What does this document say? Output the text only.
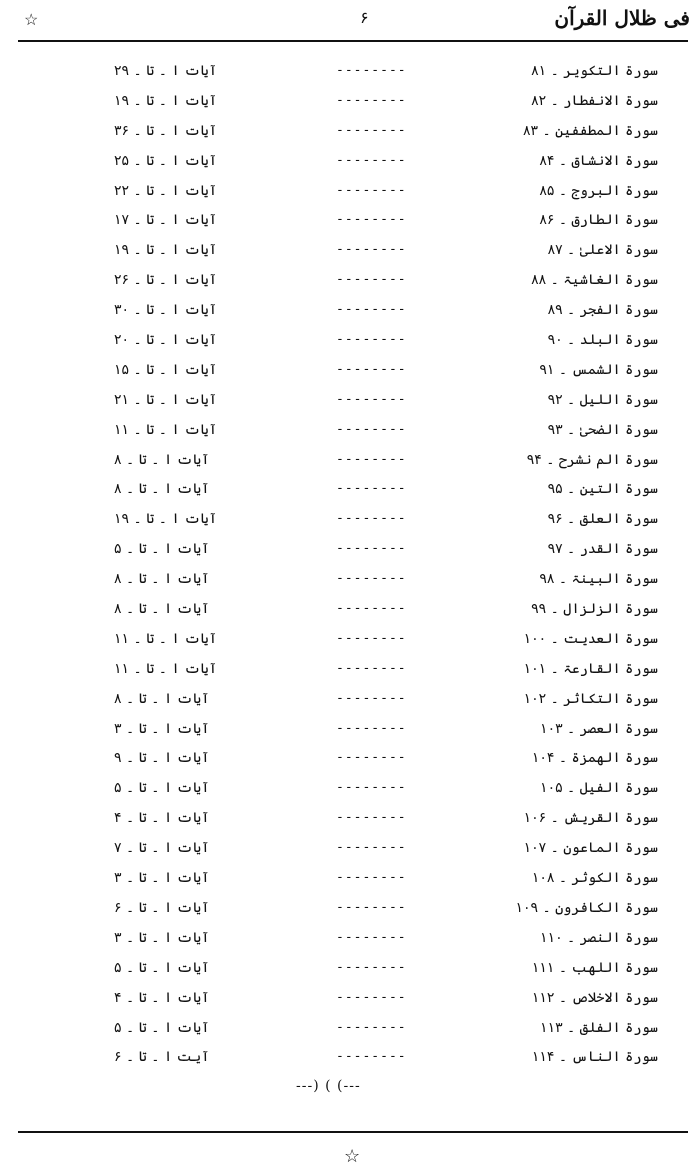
فی ظلال القرآن
۶
☆
سورۃ التکویر ۔ ۸۱
--------
آیات ا ۔ تا ۔ ۲۹
سورۃ الانفطار ۔ ۸۲
--------
آیات ا ۔ تا ۔ ۱۹
سورۃ المطففین ۔ ۸۳
--------
آیات ا ۔ تا ۔ ۳۶
سورۃ الانشاق ۔ ۸۴
--------
آیات ا ۔ تا ۔ ۲۵
سورۃ البروج ۔ ۸۵
--------
آیات ا ۔ تا ۔ ۲۲
سورۃ الطارق ۔ ۸۶
--------
آیات ا ۔ تا ۔ ۱۷
سورۃ الاعلیٰ ۔ ۸۷
--------
آیات ا ۔ تا ۔ ۱۹
سورۃ الغاشیۃ ۔ ۸۸
--------
آیات ا ۔ تا ۔ ۲۶
سورۃ الفجر ۔ ۸۹
--------
آیات ا ۔ تا ۔ ۳۰
سورۃ البلد ۔ ۹۰
--------
آیات ا ۔ تا ۔ ۲۰
سورۃ الشمس ۔ ۹۱
--------
آیات ا ۔ تا ۔ ۱۵
سورۃ اللیل ۔ ۹۲
--------
آیات ا ۔ تا ۔ ۲۱
سورۃ الضحیٰ ۔ ۹۳
--------
آیات ا ۔ تا ۔ ۱۱
سورۃ الم نشرح ۔ ۹۴
--------
آیات ا ۔ تا ۔ ۸
سورۃ التین ۔ ۹۵
--------
آیات ا ۔ تا ۔ ۸
سورۃ العلق ۔ ۹۶
--------
آیات ا ۔ تا ۔ ۱۹
سورۃ القدر ۔ ۹۷
--------
آیات ا ۔ تا ۔ ۵
سورۃ البینۃ ۔ ۹۸
--------
آیات ا ۔ تا ۔ ۸
سورۃ الزلزال ۔ ۹۹
--------
آیات ا ۔ تا ۔ ۸
سورۃ العدیت ۔ ۱۰۰
--------
آیات ا ۔ تا ۔ ۱۱
سورۃ القارعۃ ۔ ۱۰۱
--------
آیات ا ۔ تا ۔ ۱۱
سورۃ التکاثر ۔ ۱۰۲
--------
آیات ا ۔ تا ۔ ۸
سورۃ العصر ۔ ۱۰۳
--------
آیات ا ۔ تا ۔ ۳
سورۃ الھمزۃ ۔ ۱۰۴
--------
آیات ا ۔ تا ۔ ۹
سورۃ الفیل ۔ ۱۰۵
--------
آیات ا ۔ تا ۔ ۵
سورۃ القریش ۔ ۱۰۶
--------
آیات ا ۔ تا ۔ ۴
سورۃ الماعون ۔ ۱۰۷
--------
آیات ا ۔ تا ۔ ۷
سورۃ الکوثر ۔ ۱۰۸
--------
آیات ا ۔ تا ۔ ۳
سورۃ الکافرون ۔ ۱۰۹
--------
آیات ا ۔ تا ۔ ۶
سورۃ النصر ۔ ۱۱۰
--------
آیات ا ۔ تا ۔ ۳
سورۃ اللھب ۔ ۱۱۱
--------
آیات ا ۔ تا ۔ ۵
سورۃ الاخلاص ۔ ۱۱۲
--------
آیات ا ۔ تا ۔ ۴
سورۃ الفلق ۔ ۱۱۳
--------
آیات ا ۔ تا ۔ ۵
سورۃ الناس ۔ ۱۱۴
--------
آیت ا ۔ تا ۔ ۶
---) ( (---
☆
